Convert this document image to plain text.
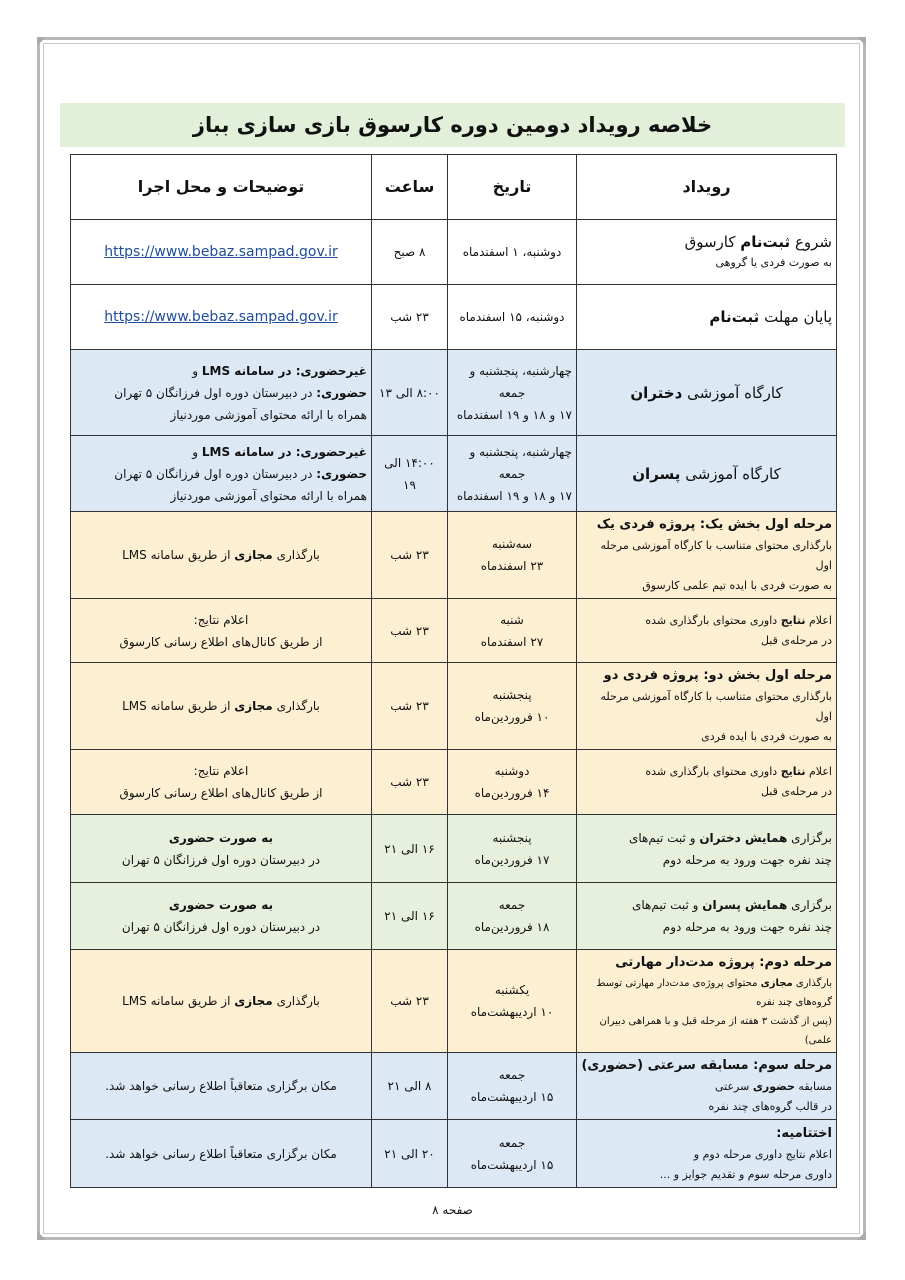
خلاصه رویداد دومین دوره کارسوق بازی سازی بباز
رویداد	تاریخ	ساعت	توضیحات و محل اجرا

شروع ثبت‌نام کارسوق
به صورت فردی یا گروهی	دوشنبه، ۱ اسفندماه	۸ صبح	https://www.bebaz.sampad.gov.ir

پایان مهلت ثبت‌نام	دوشنبه، ۱۵ اسفندماه	۲۳ شب	https://www.bebaz.sampad.gov.ir

کارگاه آموزشی دختران	چهارشنبه، پنجشنبه و
جمعه
۱۷ و ۱۸ و ۱۹ اسفندماه	۸:۰۰ الی ۱۳	غیرحضوری: در سامانه LMS و
حضوری: در دبیرستان دوره اول فرزانگان ۵ تهران
همراه با ارائه محتوای آموزشی موردنیاز

کارگاه آموزشی پسران	چهارشنبه، پنجشنبه و
جمعه
۱۷ و ۱۸ و ۱۹ اسفندماه	۱۴:۰۰ الی ۱۹	غیرحضوری: در سامانه LMS و
حضوری: در دبیرستان دوره اول فرزانگان ۵ تهران
همراه با ارائه محتوای آموزشی موردنیاز

مرحله اول بخش یک: پروژه فردی یک
بارگذاری محتوای متناسب با کارگاه آموزشی مرحله اول
به صورت فردی با ایده تیم علمی کارسوق	سه‌شنبه
۲۳ اسفندماه	۲۳ شب	بارگذاری مجازی از طریق سامانه LMS

اعلام نتایج داوری محتوای بارگذاری شده
در مرحله‌ی قبل	شنبه
۲۷ اسفندماه	۲۳ شب	اعلام نتایج:
از طریق کانال‌های اطلاع رسانی کارسوق

مرحله اول بخش دو: پروژه فردی دو
بارگذاری محتوای متناسب با کارگاه آموزشی مرحله اول
به صورت فردی با ایده فردی	پنجشنبه
۱۰ فروردین‌ماه	۲۳ شب	بارگذاری مجازی از طریق سامانه LMS

اعلام نتایج داوری محتوای بارگذاری شده
در مرحله‌ی قبل	دوشنبه
۱۴ فروردین‌ماه	۲۳ شب	اعلام نتایج:
از طریق کانال‌های اطلاع رسانی کارسوق

برگزاری همایش دختران و ثبت تیم‌های
چند نفره جهت ورود به مرحله دوم	پنجشنبه
۱۷ فروردین‌ماه	۱۶ الی ۲۱	به صورت حضوری
در دبیرستان دوره اول فرزانگان ۵ تهران

برگزاری همایش پسران و ثبت تیم‌های
چند نفره جهت ورود به مرحله دوم	جمعه
۱۸ فروردین‌ماه	۱۶ الی ۲۱	به صورت حضوری
در دبیرستان دوره اول فرزانگان ۵ تهران

مرحله دوم: پروژه مدت‌دار مهارتی
بارگذاری مجازی محتوای پروژه‌ی مدت‌دار مهارتی توسط
گروه‌های چند نفره
(پس از گذشت ۳ هفته از مرحله قبل و با همراهی دبیران
علمی)	یکشنبه
۱۰ اردیبهشت‌ماه	۲۳ شب	بارگذاری مجازی از طریق سامانه LMS

مرحله سوم: مسابقه سرعتی (حضوری)
مسابقه حضوری سرعتی
در قالب گروه‌های چند نفره	جمعه
۱۵ اردیبهشت‌ماه	۸ الی ۲۱	مکان برگزاری متعاقباً اطلاع رسانی خواهد شد.

اختتامیه:
اعلام نتایج داوری مرحله دوم و
داوری مرحله سوم و تقدیم جوایز و ...	جمعه
۱۵ اردیبهشت‌ماه	۲۰ الی ۲۱	مکان برگزاری متعاقباً اطلاع رسانی خواهد شد.
صفحه ۸
